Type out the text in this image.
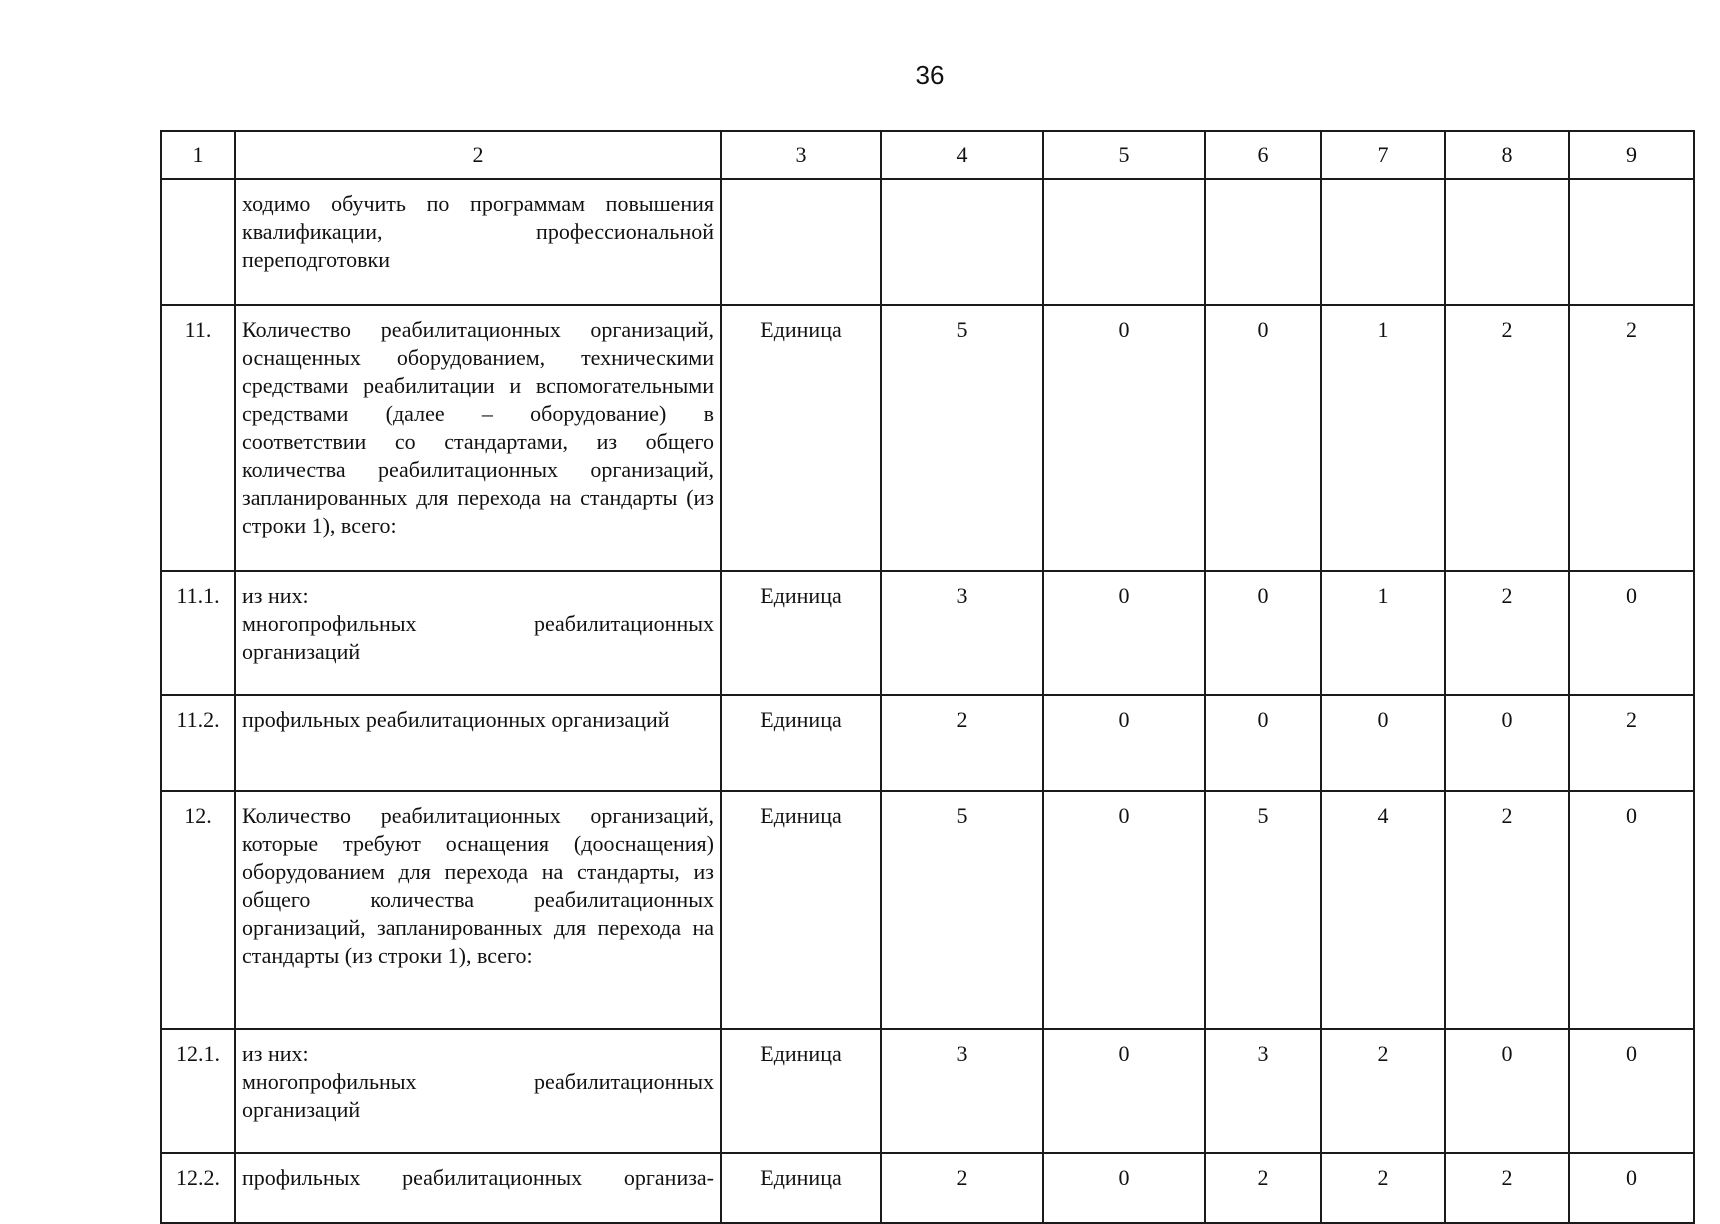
36
1	2	3	4	5	6	7	8	9

	ходимо обучить по программам повышения
квалификации, профессиональной переподготовки							

11.	Количество реабилитационных организаций, оснащенных оборудованием, техническими средствами реабилитации и вспомогательными средствами (далее – оборудование) в соответствии со стандартами, из общего количества реабилитационных организаций, запланированных для перехода на стандарты (из строки 1), всего:	Единица	5	0	0	1	2	2
11.1.	из них:
многопрофильных реабилитационных организаций	Единица	3	0	0	1	2	0
11.2.	профильных реабилитационных организаций	Единица	2	0	0	0	0	2
12.	Количество реабилитационных организаций, которые требуют оснащения (дооснащения) оборудованием для перехода на стандарты, из общего количества реабилитационных организаций, запланированных для перехода на стандарты (из строки 1), всего:	Единица	5	0	5	4	2	0
12.1.	из них:
многопрофильных реабилитационных организаций	Единица	3	0	3	2	0	0
12.2.	профильных реабилитационных организа-	Единица	2	0	2	2	2	0
